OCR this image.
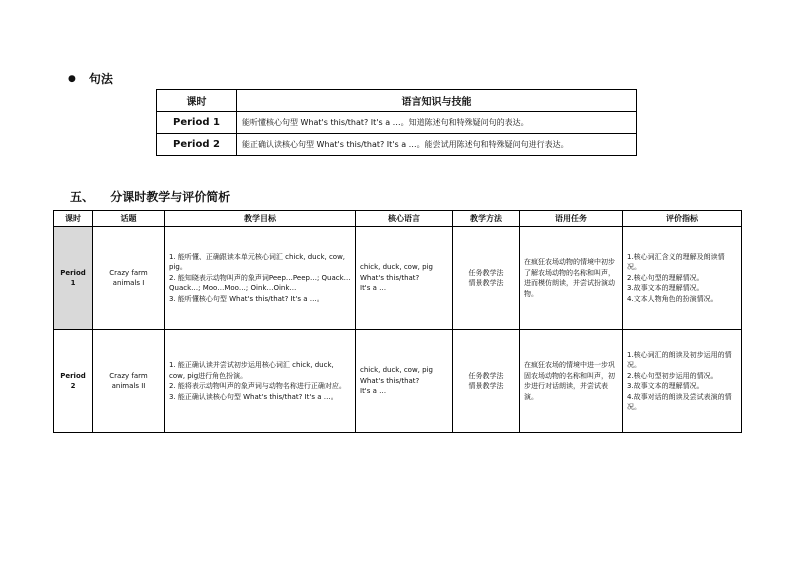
● 句法
课时	语言知识与技能
Period 1	能听懂核心句型 What's this/that? It's a …。知道陈述句和特殊疑问句的表达。
Period 2	能正确认读核心句型 What's this/that? It's a …。能尝试用陈述句和特殊疑问句进行表达。
五、 分课时教学与评价简析
课时	话题	教学目标	核心语言	教学方法	语用任务	评价指标

Period
1	Crazy farm
animals I	1. 能听懂、正确跟读本单元核心词汇 chick, duck, cow, pig。
2. 能知晓表示动物叫声的象声词Peep…Peep…; Quack…Quack…; Moo…Moo…; Oink…Oink…
3. 能听懂核心句型 What's this/that? It's a …。	chick, duck, cow, pig
What's this/that?
It's a …	任务教学法
情景教学法	在疯狂农场动物的情境中初步了解农场动物的名称和叫声，进而模仿朗读，并尝试扮演动物。	1.核心词汇含义的理解及朗读情况。
2.核心句型的理解情况。
3.故事文本的理解情况。
4.文本人物角色的扮演情况。

Period
2	Crazy farm
animals II	1. 能正确认读并尝试初步运用核心词汇 chick, duck, cow, pig进行角色扮演。
2. 能将表示动物叫声的象声词与动物名称进行正确对应。
3. 能正确认读核心句型 What's this/that? It's a …。	chick, duck, cow, pig
What's this/that?
It's a …	任务教学法
情景教学法	在疯狂农场的情境中进一步巩固农场动物的名称和叫声，初步进行对话朗读，并尝试表演。	1.核心词汇的朗读及初步运用的情况。
2.核心句型初步运用的情况。
3.故事文本的理解情况。
4.故事对话的朗读及尝试表演的情况。
